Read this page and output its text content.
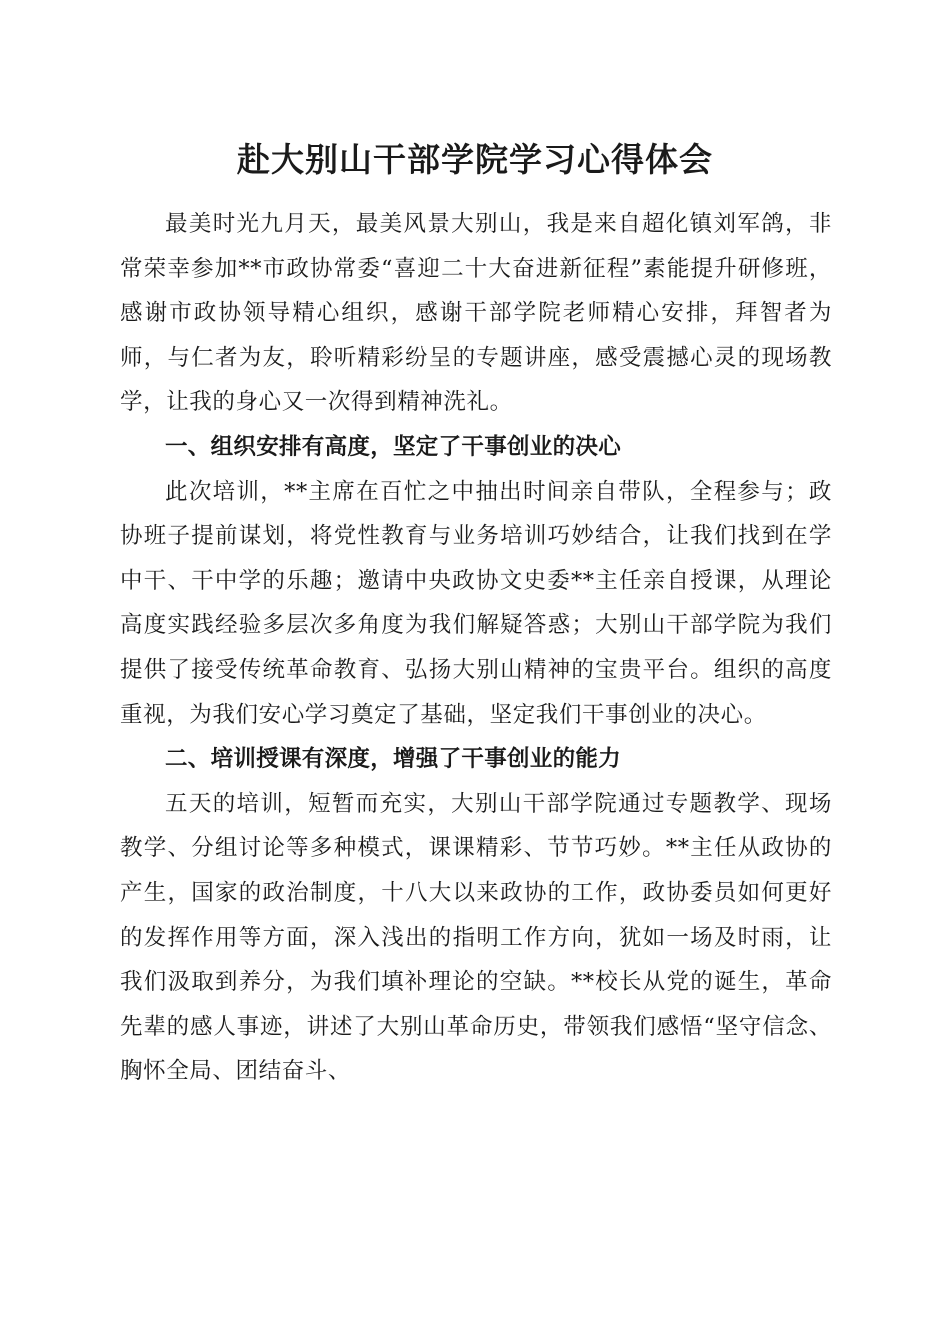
赴大别山干部学院学习心得体会

最美时光九月天，最美风景大别山，我是来自超化镇刘军鸽，非常荣幸参加**市政协常委“喜迎二十大奋进新征程”素能提升研修班，感谢市政协领导精心组织，感谢干部学院老师精心安排，拜智者为师，与仁者为友，聆听精彩纷呈的专题讲座，感受震撼心灵的现场教学，让我的身心又一次得到精神洗礼。

一、组织安排有高度，坚定了干事创业的决心

此次培训，**主席在百忙之中抽出时间亲自带队，全程参与；政协班子提前谋划，将党性教育与业务培训巧妙结合，让我们找到在学中干、干中学的乐趣；邀请中央政协文史委**主任亲自授课，从理论高度实践经验多层次多角度为我们解疑答惑；大别山干部学院为我们提供了接受传统革命教育、弘扬大别山精神的宝贵平台。组织的高度重视，为我们安心学习奠定了基础，坚定我们干事创业的决心。

二、培训授课有深度，增强了干事创业的能力

五天的培训，短暂而充实，大别山干部学院通过专题教学、现场教学、分组讨论等多种模式，课课精彩、节节巧妙。**主任从政协的产生，国家的政治制度，十八大以来政协的工作，政协委员如何更好的发挥作用等方面，深入浅出的指明工作方向，犹如一场及时雨，让我们汲取到养分，为我们填补理论的空缺。**校长从党的诞生，革命先辈的感人事迹，讲述了大别山革命历史，带领我们感悟“坚守信念、胸怀全局、团结奋斗、
